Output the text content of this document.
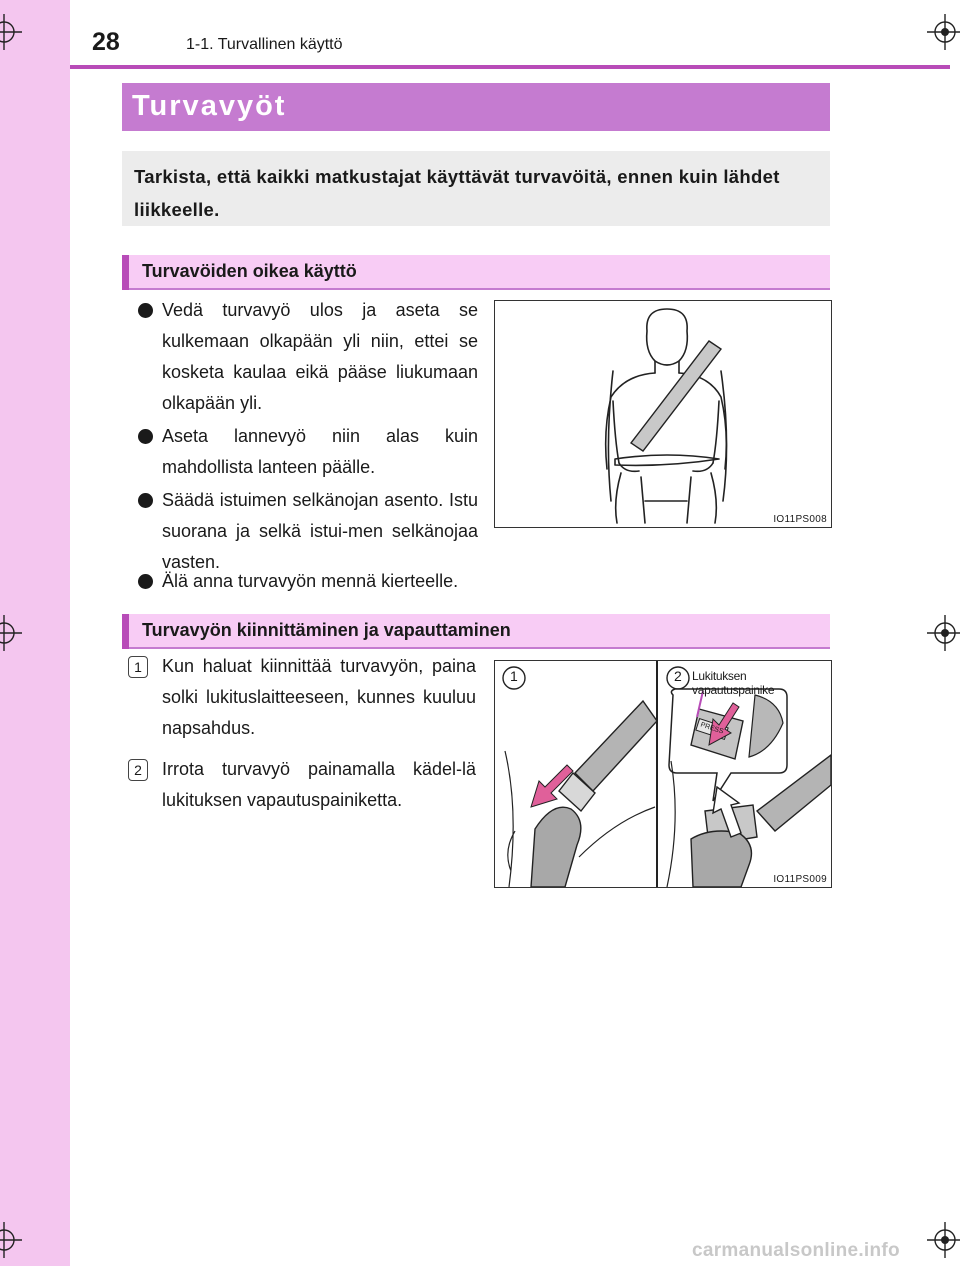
28	1-1. Turvallinen käyttö
Turvavyöt

Tarkista, että kaikki matkustajat käyttävät turvavöitä, ennen kuin lähdet liikkeelle.

Turvavöiden oikea käyttö
Vedä turvavyö ulos ja aseta se kulkemaan olkapään yli niin, ettei se kosketa kaulaa eikä pääse liukumaan olkapään yli.
Aseta lannevyö niin alas kuin mahdollista lanteen päälle.
Säädä istuimen selkänojan asento. Istu suorana ja selkä istui-men selkänojaa vasten.
Älä anna turvavyön mennä kierteelle.
IO11PS008
Turvavyön kiinnittäminen ja vapauttaminen
1	Kun haluat kiinnittää turvavyön, paina solki lukituslaitteeseen, kunnes kuuluu napsahdus.
2	Irrota turvavyö painamalla kädel-lä lukituksen vapautuspainiketta.
1	2 Lukituksen vapautuspainike
PRESS
IO11PS009
carmanualsonline.info
